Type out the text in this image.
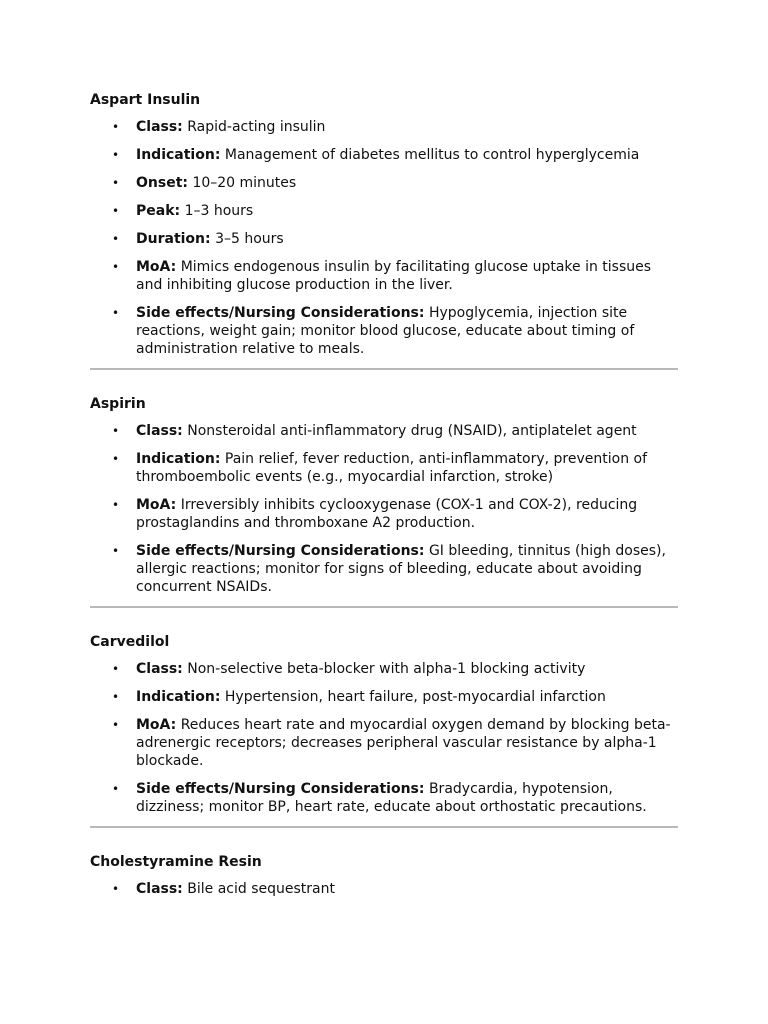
Aspart Insulin
• Class: Rapid-acting insulin
• Indication: Management of diabetes mellitus to control hyperglycemia
• Onset: 10–20 minutes
• Peak: 1–3 hours
• Duration: 3–5 hours
• MoA: Mimics endogenous insulin by facilitating glucose uptake in tissues and inhibiting glucose production in the liver.
• Side effects/Nursing Considerations: Hypoglycemia, injection site reactions, weight gain; monitor blood glucose, educate about timing of administration relative to meals.
Aspirin
• Class: Nonsteroidal anti-inflammatory drug (NSAID), antiplatelet agent
• Indication: Pain relief, fever reduction, anti-inflammatory, prevention of thromboembolic events (e.g., myocardial infarction, stroke)
• MoA: Irreversibly inhibits cyclooxygenase (COX-1 and COX-2), reducing prostaglandins and thromboxane A2 production.
• Side effects/Nursing Considerations: GI bleeding, tinnitus (high doses), allergic reactions; monitor for signs of bleeding, educate about avoiding concurrent NSAIDs.
Carvedilol
• Class: Non-selective beta-blocker with alpha-1 blocking activity
• Indication: Hypertension, heart failure, post-myocardial infarction
• MoA: Reduces heart rate and myocardial oxygen demand by blocking beta-adrenergic receptors; decreases peripheral vascular resistance by alpha-1 blockade.
• Side effects/Nursing Considerations: Bradycardia, hypotension, dizziness; monitor BP, heart rate, educate about orthostatic precautions.
Cholestyramine Resin
• Class: Bile acid sequestrant
